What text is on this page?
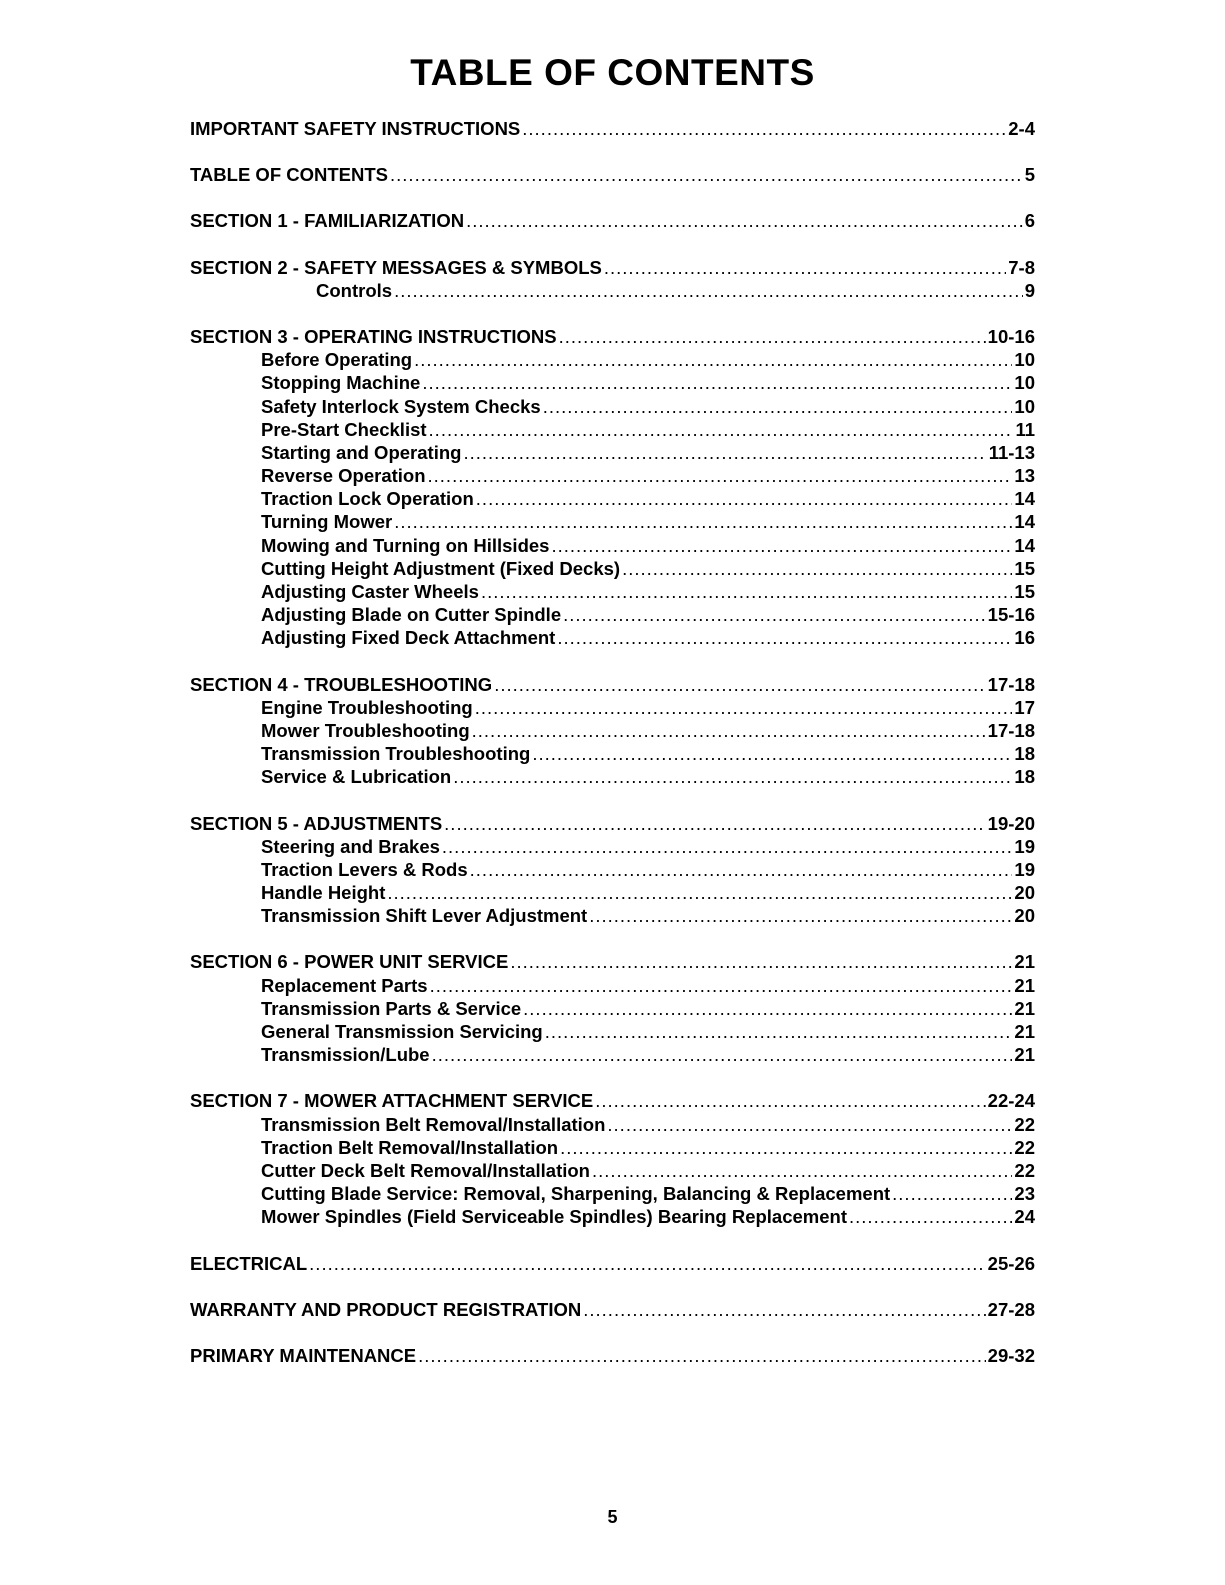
TABLE OF CONTENTS
IMPORTANT SAFETY INSTRUCTIONS .....	2-4
TABLE OF CONTENTS .....	5
SECTION 1 - FAMILIARIZATION .....	6
SECTION 2 - SAFETY MESSAGES & SYMBOLS .....	7-8
Controls .....	9
SECTION 3 - OPERATING INSTRUCTIONS .....	10-16
Before Operating .....	10
Stopping Machine .....	10
Safety Interlock System Checks .....	10
Pre-Start Checklist .....	11
Starting and Operating .....	11-13
Reverse Operation .....	13
Traction Lock Operation .....	14
Turning Mower .....	14
Mowing and Turning on Hillsides .....	14
Cutting Height Adjustment (Fixed Decks) .....	15
Adjusting Caster Wheels .....	15
Adjusting Blade on Cutter Spindle .....	15-16
Adjusting Fixed Deck Attachment .....	16
SECTION 4 - TROUBLESHOOTING .....	17-18
Engine Troubleshooting .....	17
Mower Troubleshooting .....	17-18
Transmission Troubleshooting .....	18
Service & Lubrication .....	18
SECTION 5 - ADJUSTMENTS .....	19-20
Steering and Brakes .....	19
Traction Levers & Rods .....	19
Handle Height .....	20
Transmission Shift Lever Adjustment .....	20
SECTION 6 - POWER UNIT SERVICE .....	21
Replacement Parts .....	21
Transmission Parts & Service .....	21
General Transmission Servicing .....	21
Transmission/Lube .....	21
SECTION 7 - MOWER ATTACHMENT SERVICE .....	22-24
Transmission Belt Removal/Installation .....	22
Traction Belt Removal/Installation .....	22
Cutter Deck Belt Removal/Installation .....	22
Cutting Blade Service: Removal, Sharpening, Balancing & Replacement .....	23
Mower Spindles (Field Serviceable Spindles) Bearing Replacement .....	24
ELECTRICAL .....	25-26
WARRANTY AND PRODUCT REGISTRATION .....	27-28
PRIMARY MAINTENANCE .....	29-32
5
